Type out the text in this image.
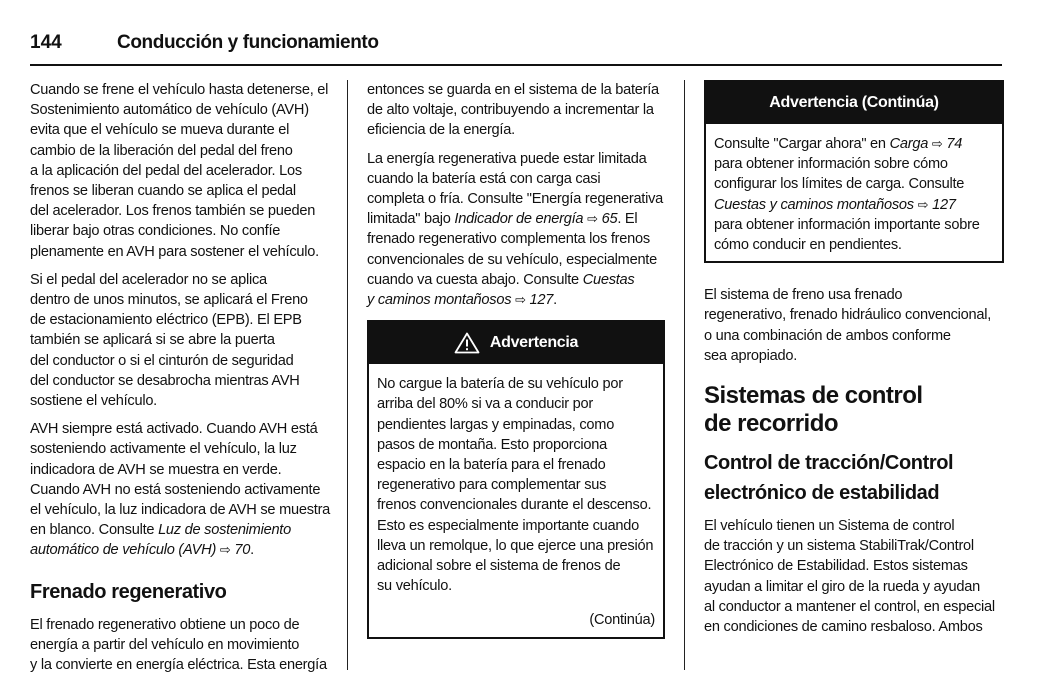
144	Conducción y funcionamiento

Cuando se frene el vehículo hasta detenerse, el
Sostenimiento automático de vehículo (AVH)
evita que el vehículo se mueva durante el
cambio de la liberación del pedal del freno
a la aplicación del pedal del acelerador. Los
frenos se liberan cuando se aplica el pedal
del acelerador. Los frenos también se pueden
liberar bajo otras condiciones. No confíe
plenamente en AVH para sostener el vehículo.

Si el pedal del acelerador no se aplica
dentro de unos minutos, se aplicará el Freno
de estacionamiento eléctrico (EPB). El EPB
también se aplicará si se abre la puerta
del conductor o si el cinturón de seguridad
del conductor se desabrocha mientras AVH
sostiene el vehículo.

AVH siempre está activado. Cuando AVH está
sosteniendo activamente el vehículo, la luz
indicadora de AVH se muestra en verde.
Cuando AVH no está sosteniendo activamente
el vehículo, la luz indicadora de AVH se muestra
en blanco. Consulte Luz de sostenimiento
automático de vehículo (AVH) ⇨ 70.

Frenado regenerativo

El frenado regenerativo obtiene un poco de
energía a partir del vehículo en movimiento
y la convierte en energía eléctrica. Esta energía

entonces se guarda en el sistema de la batería
de alto voltaje, contribuyendo a incrementar la
eficiencia de la energía.

La energía regenerativa puede estar limitada
cuando la batería está con carga casi
completa o fría. Consulte "Energía regenerativa
limitada" bajo Indicador de energía ⇨ 65. El
frenado regenerativo complementa los frenos
convencionales de su vehículo, especialmente
cuando va cuesta abajo. Consulte Cuestas
y caminos montañosos ⇨ 127.

Advertencia
No cargue la batería de su vehículo por
arriba del 80% si va a conducir por
pendientes largas y empinadas, como
pasos de montaña. Esto proporciona
espacio en la batería para el frenado
regenerativo para complementar sus
frenos convencionales durante el descenso.
Esto es especialmente importante cuando
lleva un remolque, lo que ejerce una presión
adicional sobre el sistema de frenos de
su vehículo.
(Continúa)
Advertencia (Continúa)
Consulte "Cargar ahora" en Carga ⇨ 74
para obtener información sobre cómo
configurar los límites de carga. Consulte
Cuestas y caminos montañosos ⇨ 127
para obtener información importante sobre
cómo conducir en pendientes.

El sistema de freno usa frenado
regenerativo, frenado hidráulico convencional,
o una combinación de ambos conforme
sea apropiado.

Sistemas de control
de recorrido
Control de tracción/Control
electrónico de estabilidad

El vehículo tienen un Sistema de control
de tracción y un sistema StabiliTrak/Control
Electrónico de Estabilidad. Estos sistemas
ayudan a limitar el giro de la rueda y ayudan
al conductor a mantener el control, en especial
en condiciones de camino resbaloso. Ambos
